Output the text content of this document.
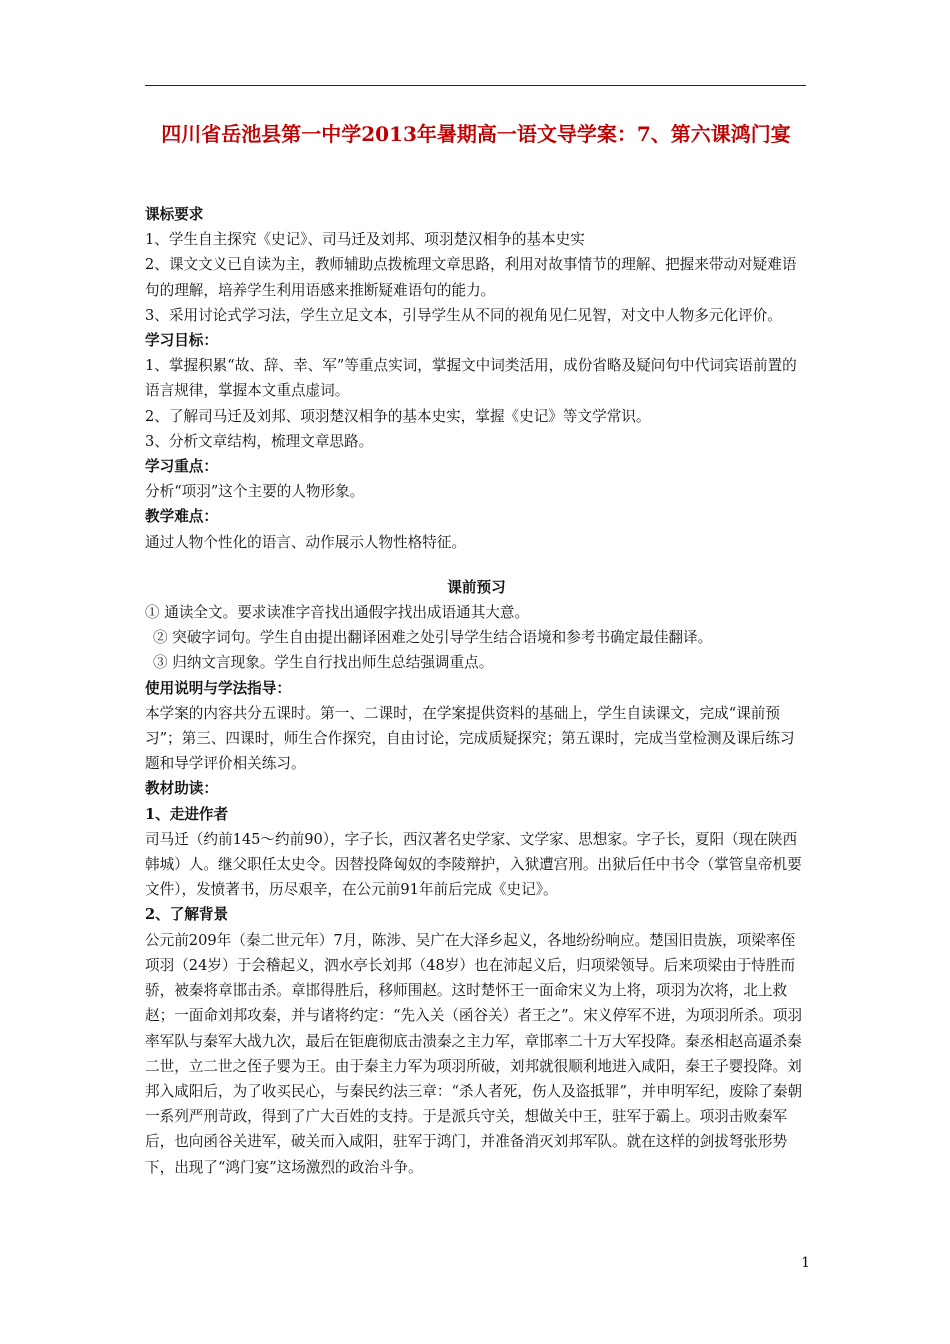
四川省岳池县第一中学2013年暑期高一语文导学案：7、第六课鸿门宴

课标要求

1、学生自主探究《史记》、司马迁及刘邦、项羽楚汉相争的基本史实

2、课文文义已自读为主，教师辅助点拨梳理文章思路，利用对故事情节的理解、把握来带动对疑难语句的理解，培养学生利用语感来推断疑难语句的能力。

3、采用讨论式学习法，学生立足文本，引导学生从不同的视角见仁见智，对文中人物多元化评价。

学习目标：

1、掌握积累“故、辞、幸、军”等重点实词，掌握文中词类活用，成份省略及疑问句中代词宾语前置的语言规律，掌握本文重点虚词。

2、了解司马迁及刘邦、项羽楚汉相争的基本史实，掌握《史记》等文学常识。

3、分析文章结构，梳理文章思路。

学习重点：

分析“项羽”这个主要的人物形象。

教学难点：

通过人物个性化的语言、动作展示人物性格特征。

课前预习

① 通读全文。要求读准字音找出通假字找出成语通其大意。

② 突破字词句。学生自由提出翻译困难之处引导学生结合语境和参考书确定最佳翻译。

③ 归纳文言现象。学生自行找出师生总结强调重点。

使用说明与学法指导：

本学案的内容共分五课时。第一、二课时，在学案提供资料的基础上，学生自读课文，完成“课前预习”；第三、四课时，师生合作探究，自由讨论，完成质疑探究；第五课时，完成当堂检测及课后练习题和导学评价相关练习。

教材助读：

1、走进作者

司马迁（约前145～约前90），字子长，西汉著名史学家、文学家、思想家。字子长，夏阳（现在陕西韩城）人。继父职任太史令。因替投降匈奴的李陵辩护，入狱遭宫刑。出狱后任中书令（掌管皇帝机要文件），发愤著书，历尽艰辛，在公元前91年前后完成《史记》。

2、了解背景

公元前209年（秦二世元年）7月，陈涉、吴广在大泽乡起义，各地纷纷响应。楚国旧贵族，项梁率侄项羽（24岁）于会稽起义，泗水亭长刘邦（48岁）也在沛起义后，归项梁领导。后来项梁由于恃胜而骄，被秦将章邯击杀。章邯得胜后，移师围赵。这时楚怀王一面命宋义为上将，项羽为次将，北上救赵；一面命刘邦攻秦，并与诸将约定：“先入关（函谷关）者王之”。宋义停军不进，为项羽所杀。项羽率军队与秦军大战九次，最后在钜鹿彻底击溃秦之主力军，章邯率二十万大军投降。秦丞相赵高逼杀秦二世，立二世之侄子婴为王。由于秦主力军为项羽所破，刘邦就很顺利地进入咸阳，秦王子婴投降。刘邦入咸阳后，为了收买民心，与秦民约法三章：“杀人者死，伤人及盗抵罪”，并申明军纪，废除了秦朝一系列严刑苛政，得到了广大百姓的支持。于是派兵守关，想做关中王，驻军于霸上。项羽击败秦军后，也向函谷关进军，破关而入咸阳，驻军于鸿门，并准备消灭刘邦军队。就在这样的剑拔弩张形势下，出现了“鸿门宴”这场激烈的政治斗争。

1
